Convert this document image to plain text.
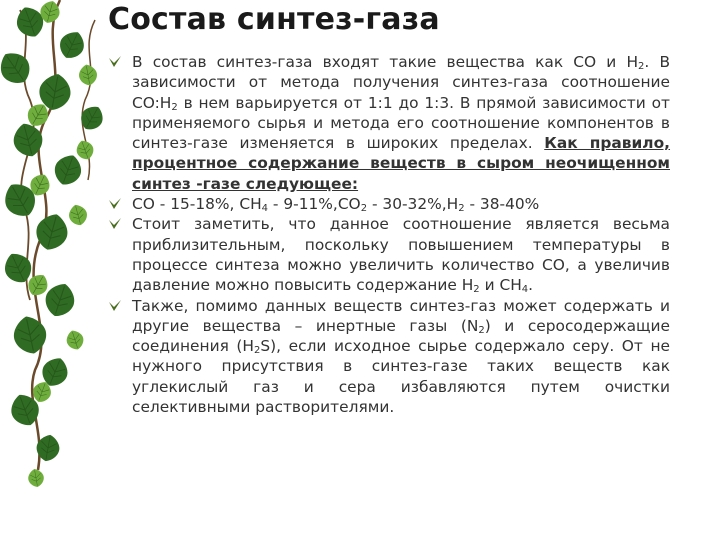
Состав синтез-газа
В состав синтез-газа входят такие вещества как CO и $H_2$. В зависимости от метода получения синтез-газа соотношение $CO:H_2$ в нем варьируется от 1:1 до 1:3. В прямой зависимости от применяемого сырья и метода его соотношение компонентов в синтез-газе изменяется в широких пределах. Как правило, процентное содержание веществ в сыром неочищенном синтез -газе следующее:
CO - 15-18%, $CH_4 - 9-11\%,CO_2 - 30-32\%,H_2 - 38-40\%$
Стоит заметить, что данное соотношение является весьма приблизительным, поскольку повышением температуры в процессе синтеза можно увеличить количество CO, а увеличив давление можно повысить содержание $H_2$ и $CH_4$.
Также, помимо данных веществ синтез-газ может содержать и другие вещества – инертные газы $(N_2)$ и серосодержащие соединения $(H_2S)$, если исходное сырье содержало серу. От не нужного присутствия в синтез-газе таких веществ как углекислый газ и сера избавляются путем очистки селективными растворителями.
